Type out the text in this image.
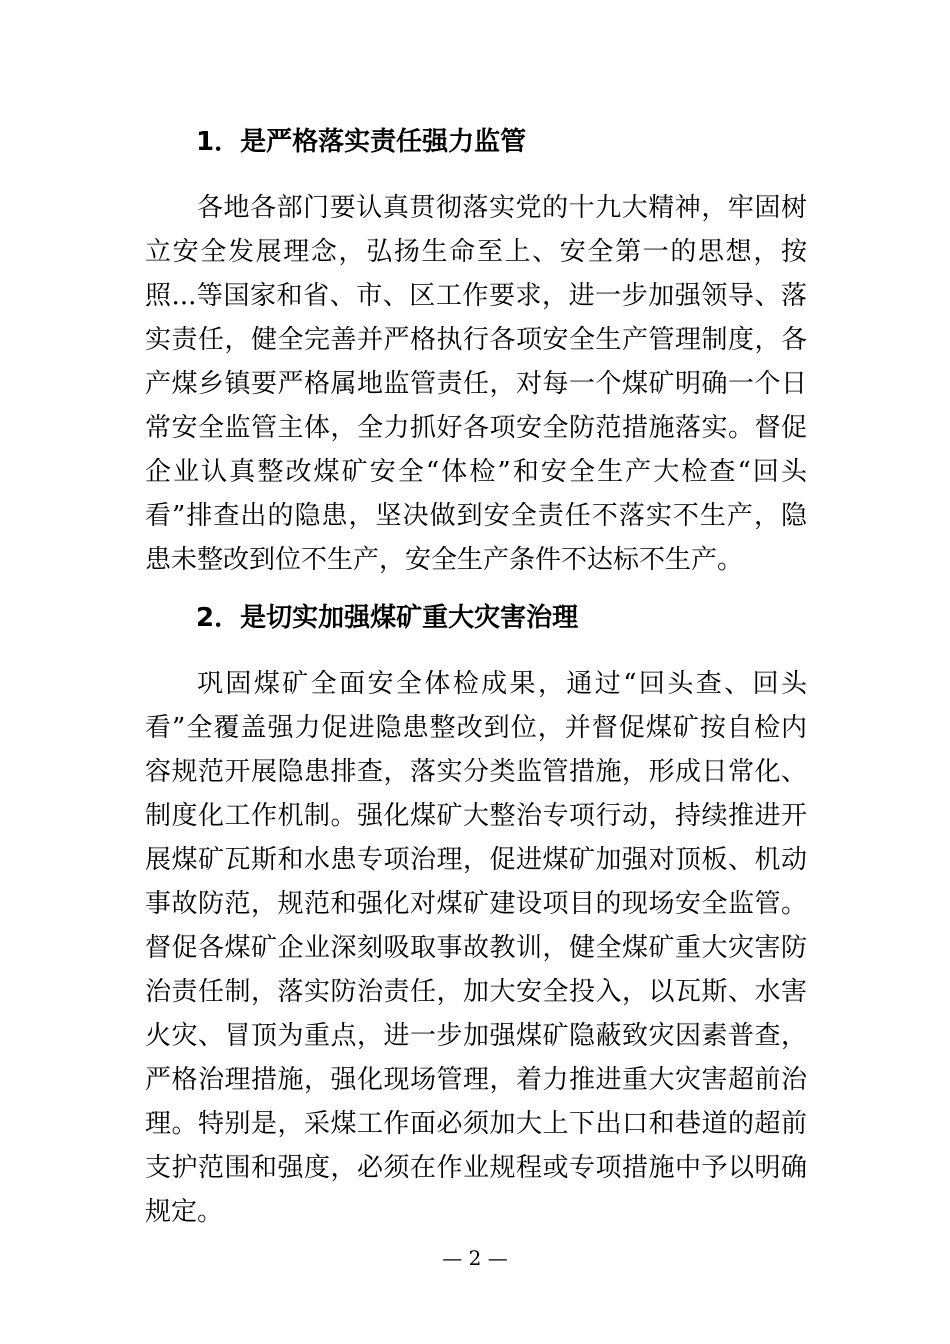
1．是严格落实责任强力监管
各地各部门要认真贯彻落实党的十九大精神，牢固树
立安全发展理念，弘扬生命至上、安全第一的思想，按
照...等国家和省、市、区工作要求，进一步加强领导、落
实责任，健全完善并严格执行各项安全生产管理制度，各
产煤乡镇要严格属地监管责任，对每一个煤矿明确一个日
常安全监管主体，全力抓好各项安全防范措施落实。督促
企业认真整改煤矿安全“体检”和安全生产大检查“回头
看”排查出的隐患，坚决做到安全责任不落实不生产，隐
患未整改到位不生产，安全生产条件不达标不生产。
2．是切实加强煤矿重大灾害治理
巩固煤矿全面安全体检成果，通过“回头查、回头
看”全覆盖强力促进隐患整改到位，并督促煤矿按自检内
容规范开展隐患排查，落实分类监管措施，形成日常化、
制度化工作机制。强化煤矿大整治专项行动，持续推进开
展煤矿瓦斯和水患专项治理，促进煤矿加强对顶板、机动
事故防范，规范和强化对煤矿建设项目的现场安全监管。
督促各煤矿企业深刻吸取事故教训，健全煤矿重大灾害防
治责任制，落实防治责任，加大安全投入，以瓦斯、水害
火灾、冒顶为重点，进一步加强煤矿隐蔽致灾因素普查，
严格治理措施，强化现场管理，着力推进重大灾害超前治
理。特别是，采煤工作面必须加大上下出口和巷道的超前
支护范围和强度，必须在作业规程或专项措施中予以明确
规定。
— 2 —
